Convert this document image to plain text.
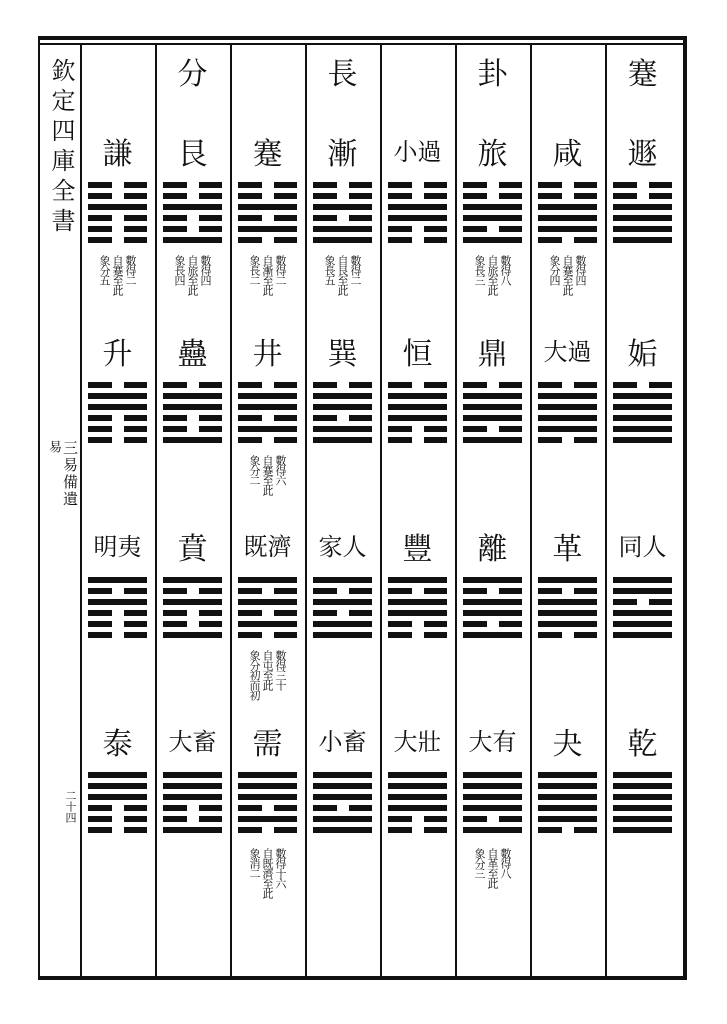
欽定四庫全書
易 三易備遺
二十四
蹇
遯
姤
同人
乾
咸
大過
革
夬
數得四
自蹇至此
象分四
卦
旅
鼎
離
大有
數得八
自旅至此
象長三
數得八
自革至此
象分三
小過
恒
豐
大壯
長
漸
巽
家人
小畜
數得二
自艮至此
象長五
蹇
井
既濟
需
數得二
自漸至此
象長二
數得六
自蹇至此
象分二
數得三十
自屯至此
象分初而初
數得十六
自既濟至此
象消二
分
艮
蠱
賁
大畜
數得四
自旅至此
象長四
謙
升
明夷
泰
數得二
自蹇至此
象分五
